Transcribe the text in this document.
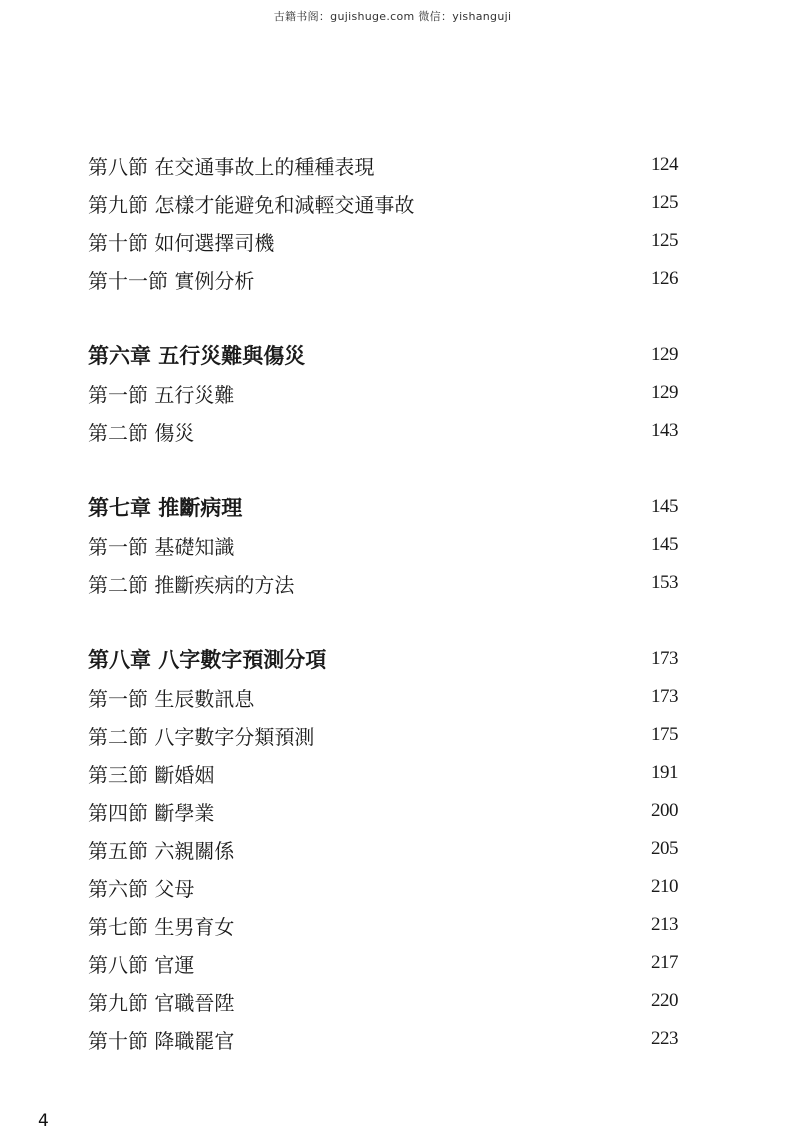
古籍书阁：gujishuge.com 微信：yishanguji
第八節 在交通事故上的種種表現	124
第九節 怎樣才能避免和減輕交通事故	125
第十節 如何選擇司機	125
第十一節 實例分析	126
第六章 五行災難與傷災	129
第一節 五行災難	129
第二節 傷災	143
第七章 推斷病理	145
第一節 基礎知識	145
第二節 推斷疾病的方法	153
第八章 八字數字預測分項	173
第一節 生辰數訊息	173
第二節 八字數字分類預測	175
第三節 斷婚姻	191
第四節 斷學業	200
第五節 六親關係	205
第六節 父母	210
第七節 生男育女	213
第八節 官運	217
第九節 官職晉陞	220
第十節 降職罷官	223
4
